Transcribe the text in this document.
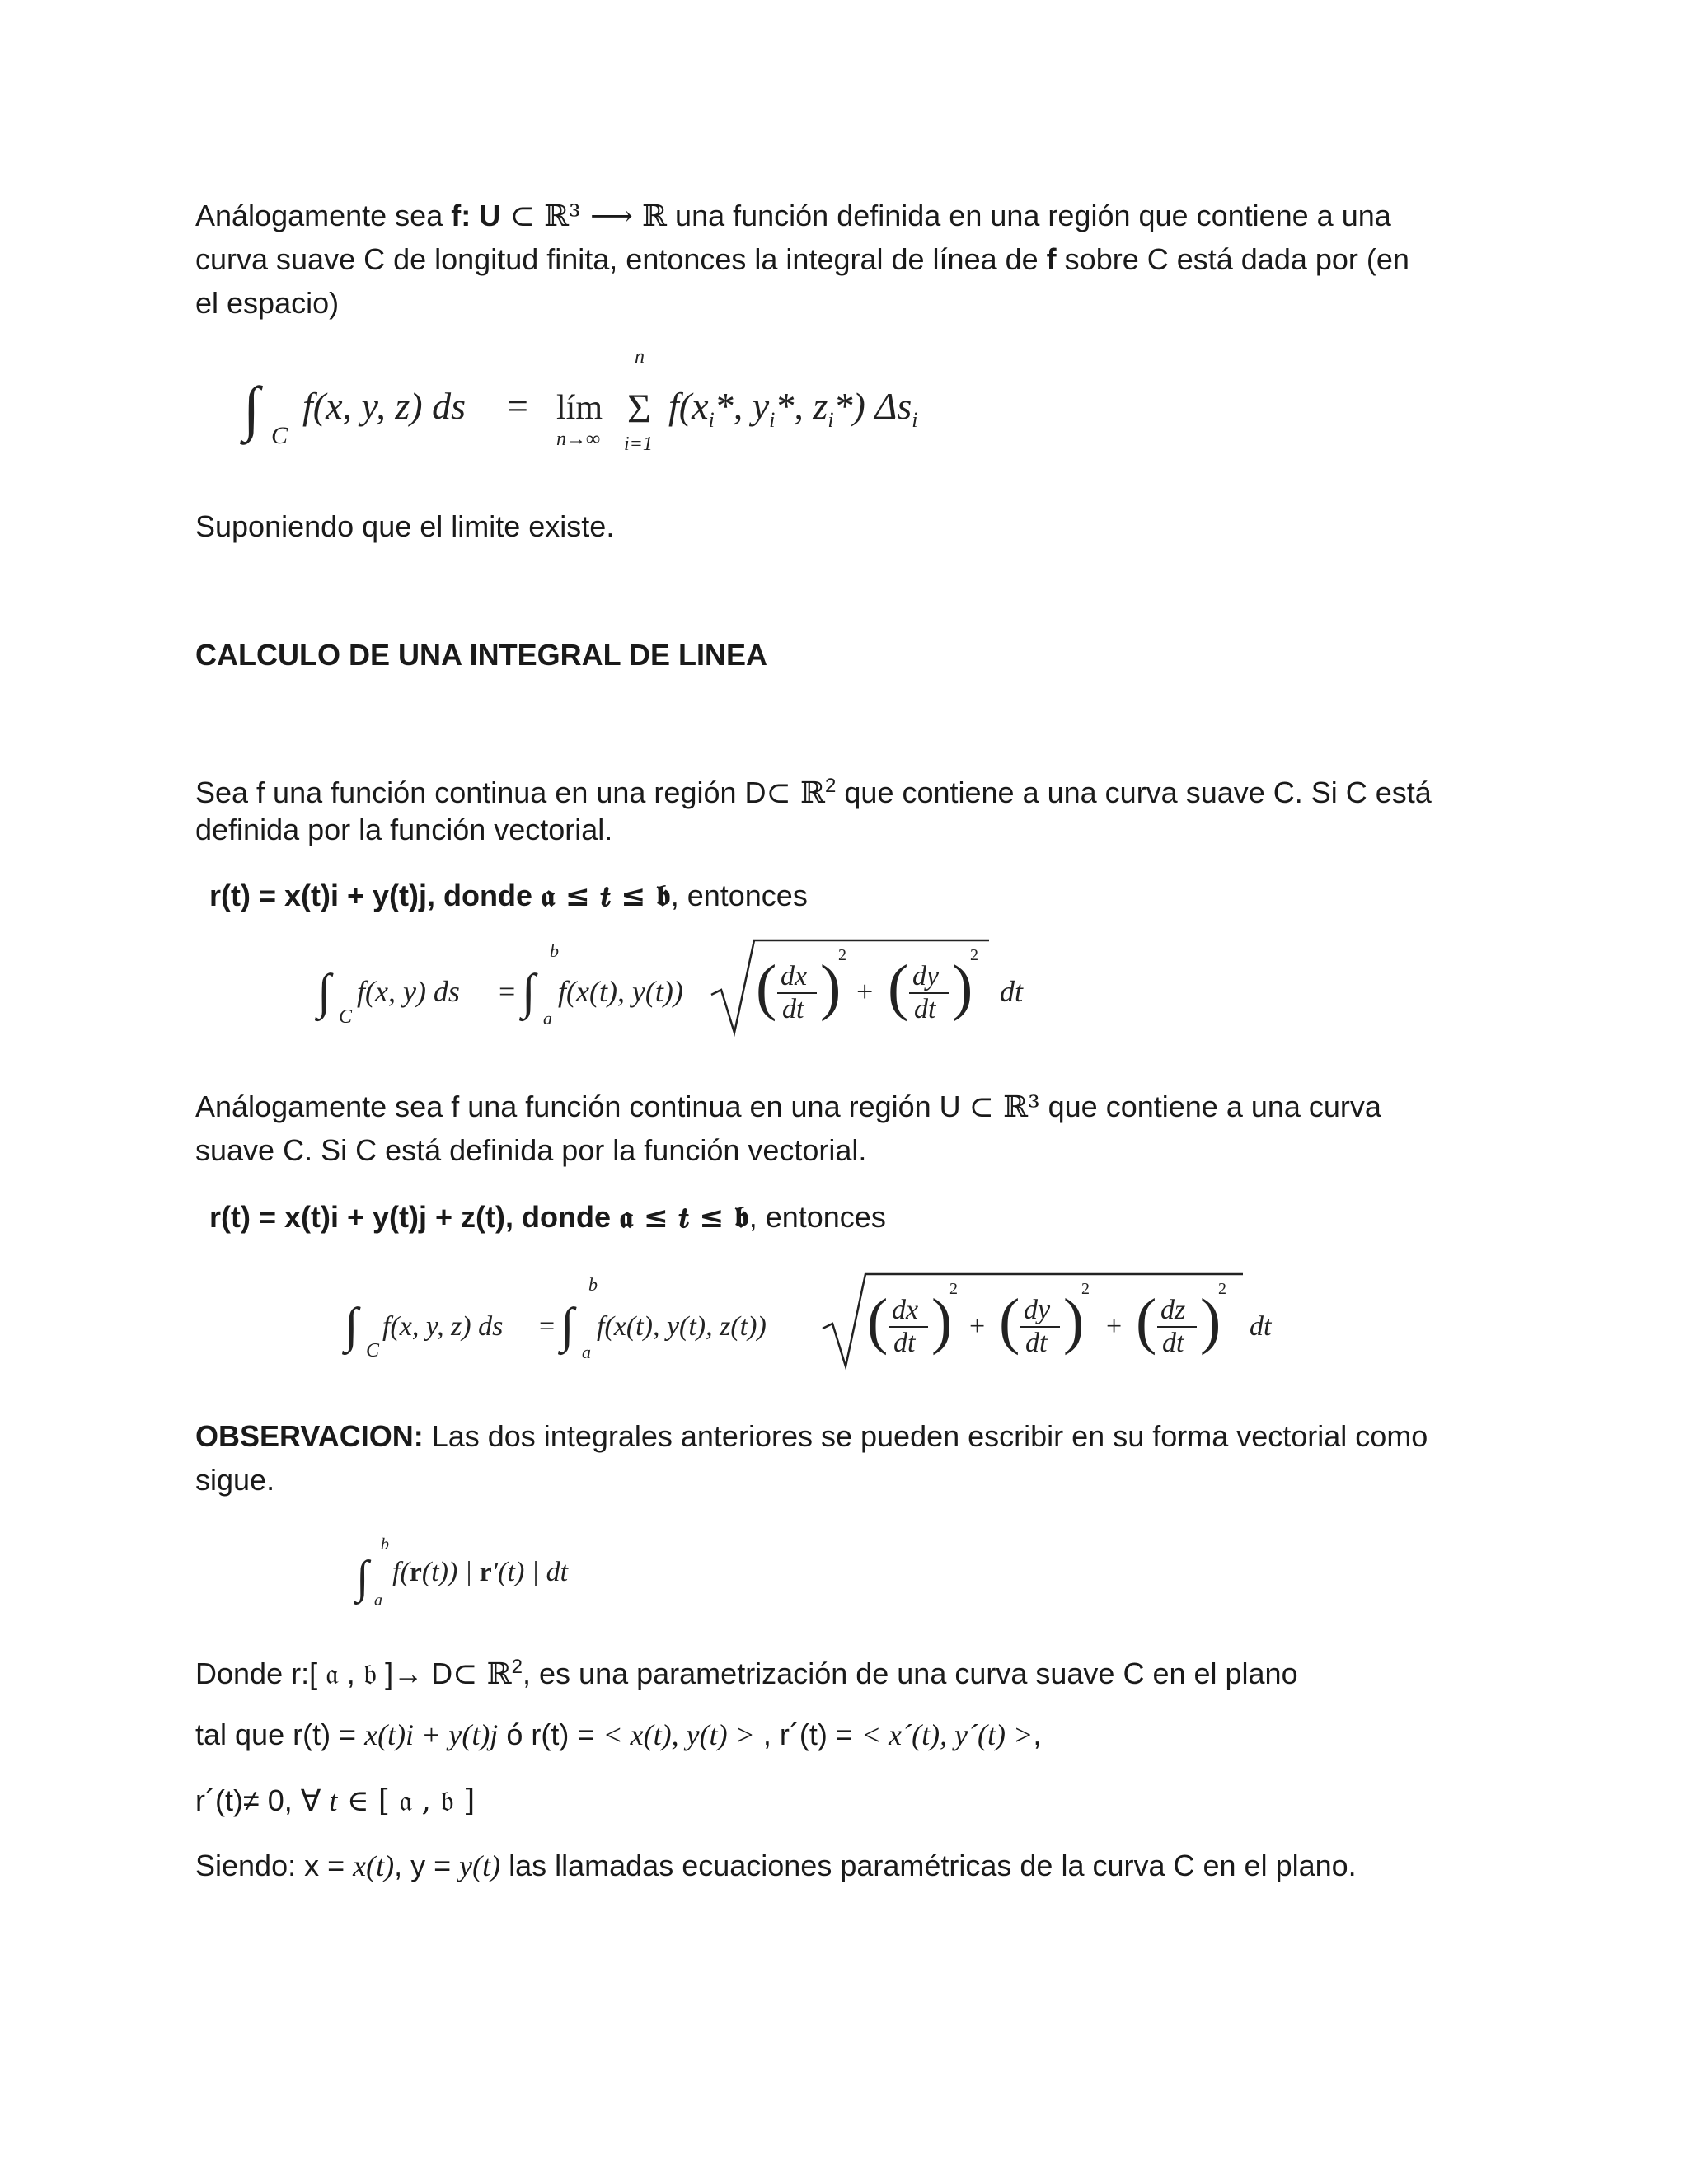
Análogamente sea f: U ⊂ ℝ³ ⟶ ℝ una función definida en una región que contiene a una
curva suave C de longitud finita, entonces la integral de línea de f sobre C está dada por (en
el espacio)
∫ C
f(x, y, z) ds = lím
n→∞
n
Σ
i=1
$f(x_i*$, $y_i*$, $z_i*$) $\Delta s_i$
Suponiendo que el limite existe.
CALCULO DE UNA INTEGRAL DE LINEA
Sea f una función continua en una región D⊂ ℝ$^2$ que contiene a una curva suave C. Si C está
definida por la función vectorial.
r(t) = x(t)i + y(t)j, donde 𝖆 ≤ 𝒕 ≤ 𝖇, entonces
∫ C
f(x, y) ds = ∫
b
a
f(x(t), y(t)) ( dx
dt )
2
+ ( dy
dt )
2
dt
Análogamente sea f una función continua en una región U ⊂ ℝ³ que contiene a una curva
suave C. Si C está definida por la función vectorial.
r(t) = x(t)i + y(t)j + z(t), donde 𝖆 ≤ 𝒕 ≤ 𝖇, entonces
∫ C
f(x, y, z) ds = ∫
b
a
f(x(t), y(t), z(t)) ( dx
dt )
2
+ ( dy
dt )
2
+ ( dz
dt )
2
dt
OBSERVACION: Las dos integrales anteriores se pueden escribir en su forma vectorial como
sigue.
∫
b
a
f(r(t)) | r′(t) | dt
Donde r:[ 𝔞 , 𝔟 ]→ D⊂ ℝ$^2$, es una parametrización de una curva suave C en el plano
tal que r(t) = x(t)i + y(t)j ó r(t) = < x(t), y(t) > , r´(t) = < x´(t), y´(t) >,
r´(t)≠ 0, ∀ t ∈ [ 𝔞 , 𝔟 ]
Siendo: x = x(t), y = y(t) las llamadas ecuaciones paramétricas de la curva C en el plano.
